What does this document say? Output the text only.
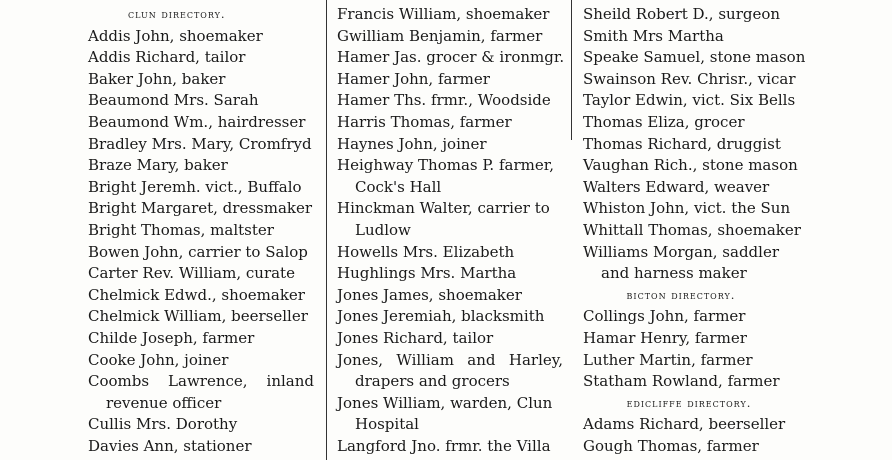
clun directory.
Addis John, shoemaker
Addis Richard, tailor
Baker John, baker
Beaumond Mrs. Sarah
Beaumond Wm., hairdresser
Bradley Mrs. Mary, Cromfryd
Braze Mary, baker
Bright Jeremh. vict., Buffalo
Bright Margaret, dressmaker
Bright Thomas, maltster
Bowen John, carrier to Salop
Carter Rev. William, curate
Chelmick Edwd., shoemaker
Chelmick William, beerseller
Childe Joseph, farmer
Cooke John, joiner
Coombs Lawrence, inland
revenue officer
Cullis Mrs. Dorothy
Davies Ann, stationer
Francis William, shoemaker
Gwilliam Benjamin, farmer
Hamer Jas. grocer & ironmgr.
Hamer John, farmer
Hamer Ths. frmr., Woodside
Harris Thomas, farmer
Haynes John, joiner
Heighway Thomas P. farmer,
Cock's Hall
Hinckman Walter, carrier to
Ludlow
Howells Mrs. Elizabeth
Hughlings Mrs. Martha
Jones James, shoemaker
Jones Jeremiah, blacksmith
Jones Richard, tailor
Jones, William and Harley,
drapers and grocers
Jones William, warden, Clun
Hospital
Langford Jno. frmr. the Villa
Sheild Robert D., surgeon
Smith Mrs Martha
Speake Samuel, stone mason
Swainson Rev. Chrisr., vicar
Taylor Edwin, vict. Six Bells
Thomas Eliza, grocer
Thomas Richard, druggist
Vaughan Rich., stone mason
Walters Edward, weaver
Whiston John, vict. the Sun
Whittall Thomas, shoemaker
Williams Morgan, saddler
and harness maker
bicton directory.
Collings John, farmer
Hamar Henry, farmer
Luther Martin, farmer
Statham Rowland, farmer
edicliffe directory.
Adams Richard, beerseller
Gough Thomas, farmer
